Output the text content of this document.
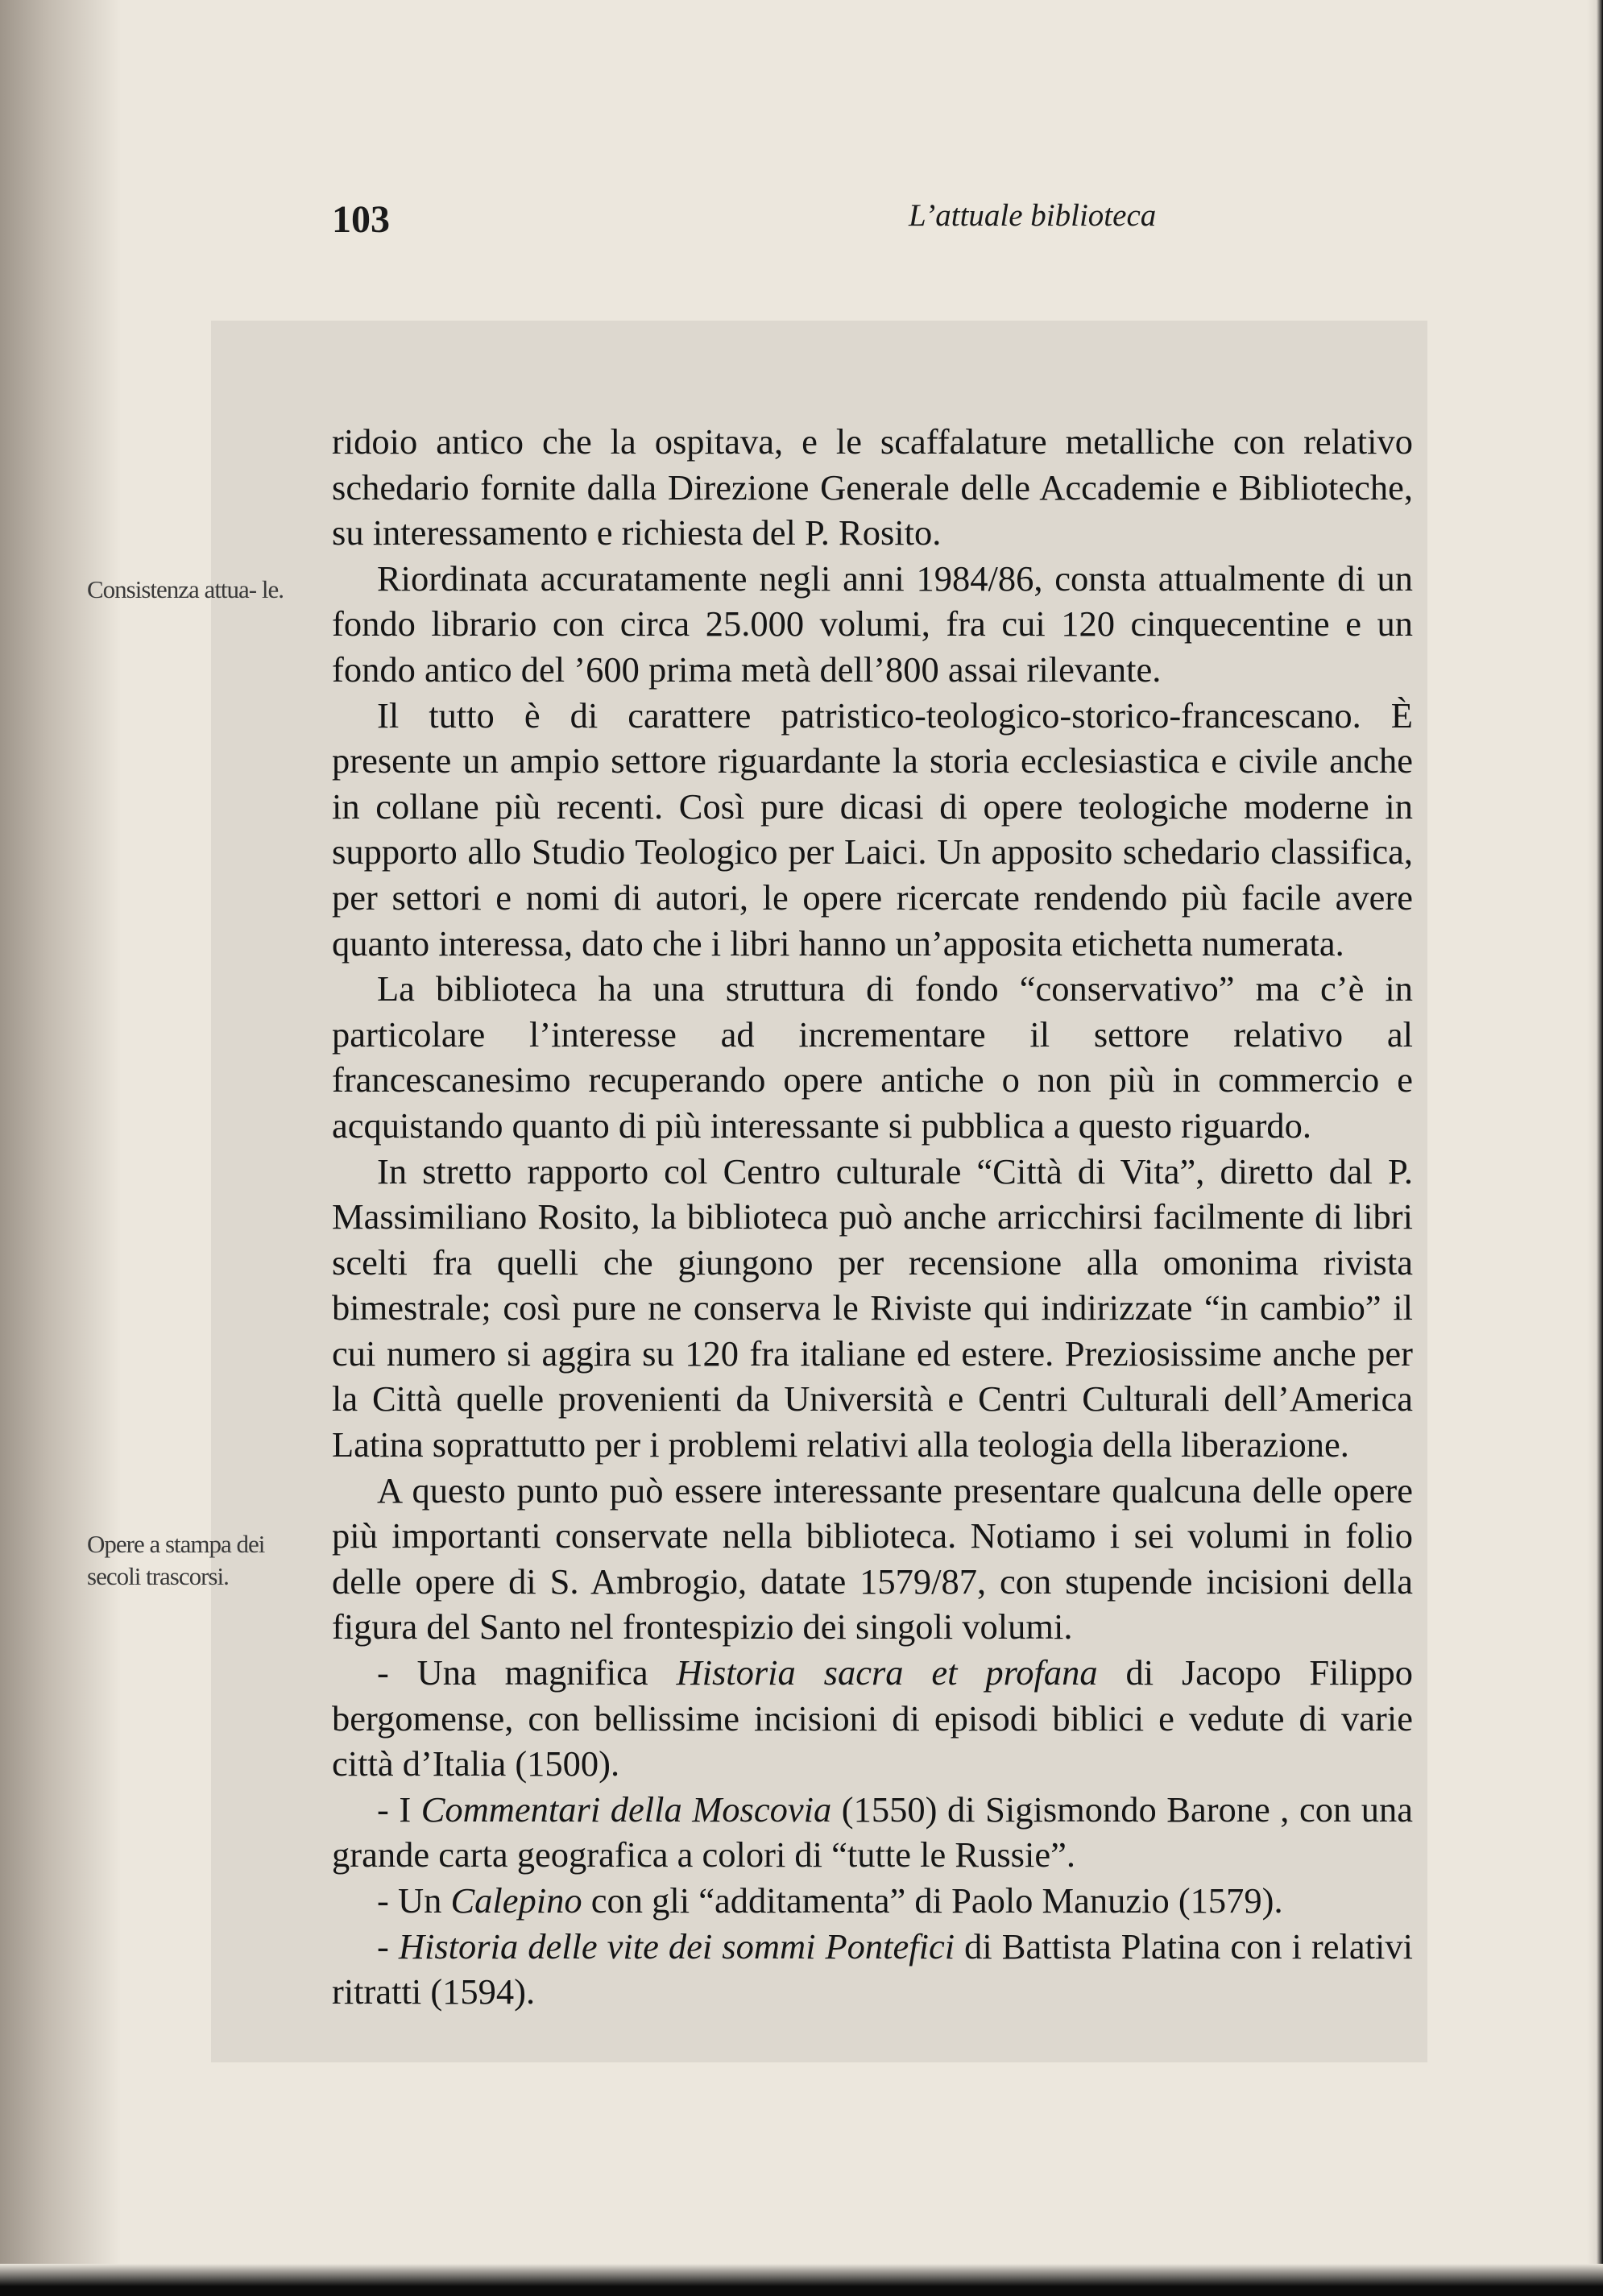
103	L’attuale biblioteca
Consistenza attua- le.
Opere a stampa dei secoli trascorsi.

ridoio antico che la ospitava, e le scaffalature metalliche con relativo schedario fornite dalla Direzione Generale delle Accademie e Biblioteche, su interessamento e richiesta del P. Rosito.

Riordinata accuratamente negli anni 1984/86, consta attualmente di un fondo librario con circa 25.000 volumi, fra cui 120 cinquecentine e un fondo antico del ’600 prima metà dell’800 assai rilevante.

Il tutto è di carattere patristico-teologico-storico-francescano. È presente un ampio settore riguardante la storia ecclesiastica e civile anche in collane più recenti. Così pure dicasi di opere teologiche moderne in supporto allo Studio Teologico per Laici. Un apposito schedario classifica, per settori e nomi di autori, le opere ricercate rendendo più facile avere quanto interessa, dato che i libri hanno un’apposita etichetta numerata.

La biblioteca ha una struttura di fondo “conservativo” ma c’è in particolare l’interesse ad incrementare il settore relativo al francescanesimo recuperando opere antiche o non più in commercio e acquistando quanto di più interessante si pubblica a questo riguardo.

In stretto rapporto col Centro culturale “Città di Vita”, diretto dal P. Massimiliano Rosito, la biblioteca può anche arricchirsi facilmente di libri scelti fra quelli che giungono per recensione alla omonima rivista bimestrale; così pure ne conserva le Riviste qui indirizzate “in cambio” il cui numero si aggira su 120 fra italiane ed estere. Preziosissime anche per la Città quelle provenienti da Università e Centri Culturali dell’America Latina soprattutto per i problemi relativi alla teologia della liberazione.

A questo punto può essere interessante presentare qualcuna delle opere più importanti conservate nella biblioteca. Notiamo i sei volumi in folio delle opere di S. Ambrogio, datate 1579/87, con stupende incisioni della figura del Santo nel frontespizio dei singoli volumi.

- Una magnifica Historia sacra et profana di Jacopo Filippo bergomense, con bellissime incisioni di episodi biblici e vedute di varie città d’Italia (1500).

- I Commentari della Moscovia (1550) di Sigismondo Barone , con una grande carta geografica a colori di “tutte le Russie”.

- Un Calepino con gli “additamenta” di Paolo Manuzio (1579).

- Historia delle vite dei sommi Pontefici di Battista Platina con i relativi ritratti (1594).
